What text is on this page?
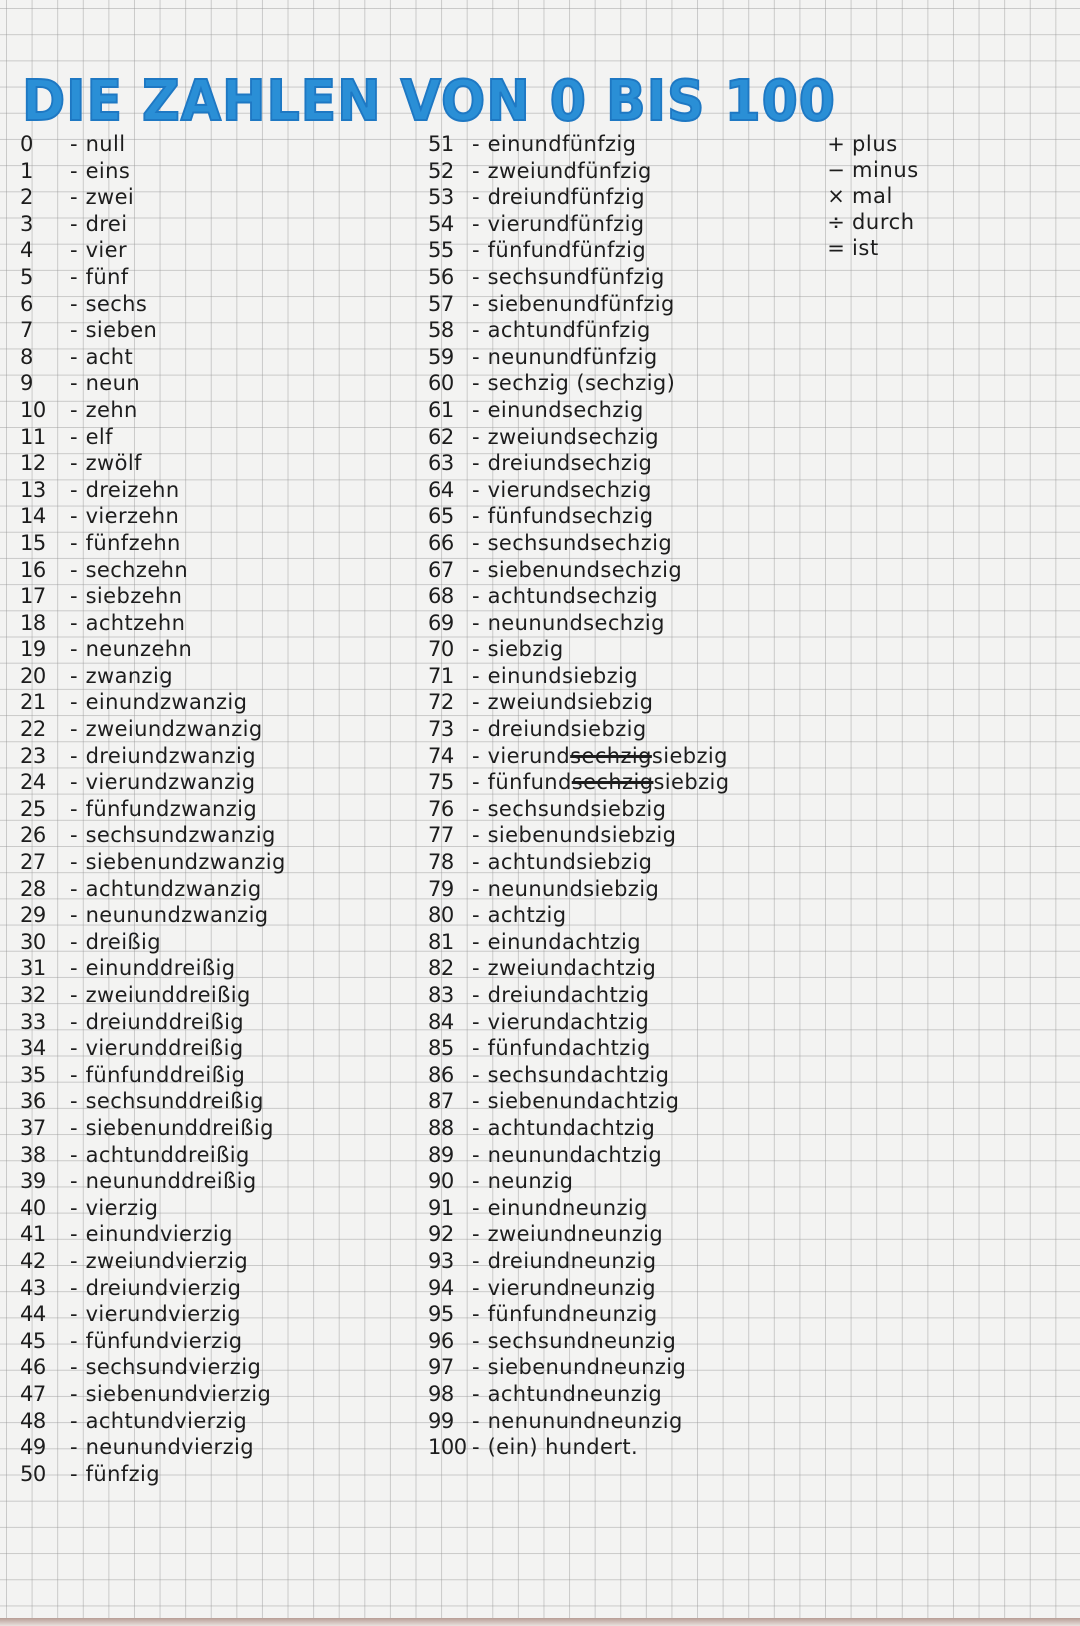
DIE ZAHLEN VON 0 BIS 100
0	- null
1	- eins
2	- zwei
3	- drei
4	- vier
5	- fünf
6	- sechs
7	- sieben
8	- acht
9	- neun
10	- zehn
11	- elf
12	- zwölf
13	- dreizehn
14	- vierzehn
15	- fünfzehn
16	- sechzehn
17	- siebzehn
18	- achtzehn
19	- neunzehn
20	- zwanzig
21	- einundzwanzig
22	- zweiundzwanzig
23	- dreiundzwanzig
24	- vierundzwanzig
25	- fünfundzwanzig
26	- sechsundzwanzig
27	- siebenundzwanzig
28	- achtundzwanzig
29	- neunundzwanzig
30	- dreißig
31	- einunddreißig
32	- zweiunddreißig
33	- dreiunddreißig
34	- vierunddreißig
35	- fünfunddreißig
36	- sechsunddreißig
37	- siebenunddreißig
38	- achtunddreißig
39	- neununddreißig
40	- vierzig
41	- einundvierzig
42	- zweiundvierzig
43	- dreiundvierzig
44	- vierundvierzig
45	- fünfundvierzig
46	- sechsundvierzig
47	- siebenundvierzig
48	- achtundvierzig
49	- neunundvierzig
50	- fünfzig
51 - einundfünfzig
52 - zweiundfünfzig
53 - dreiundfünfzig
54 - vierundfünfzig
55 - fünfundfünfzig
56 - sechsundfünfzig
57 - siebenundfünfzig
58 - achtundfünfzig
59 - neunundfünfzig
60 - sechzig (sechzig)
61 - einundsechzig
62 - zweiundsechzig
63 - dreiundsechzig
64 - vierundsechzig
65 - fünfundsechzig
66 - sechsundsechzig
67 - siebenundsechzig
68 - achtundsechzig
69 - neunundsechzig
70 - siebzig
71 - einundsiebzig
72 - zweiundsiebzig
73 - dreiundsiebzig
74 - vierundsechzigsiebzig
75 - fünfundsechzigsiebzig
76 - sechsundsiebzig
77 - siebenundsiebzig
78 - achtundsiebzig
79 - neunundsiebzig
80 - achtzig
81 - einundachtzig
82 - zweiundachtzig
83 - dreiundachtzig
84 - vierundachtzig
85 - fünfundachtzig
86 - sechsundachtzig
87 - siebenundachtzig
88 - achtundachtzig
89 - neunundachtzig
90 - neunzig
91 - einundneunzig
92 - zweiundneunzig
93 - dreiundneunzig
94 - vierundneunzig
95 - fünfundneunzig
96 - sechsundneunzig
97 - siebenundneunzig
98 - achtundneunzig
99 - nenunundneunzig
100 - (ein) hundert.
+ plus
− minus
× mal
÷ durch
= ist
